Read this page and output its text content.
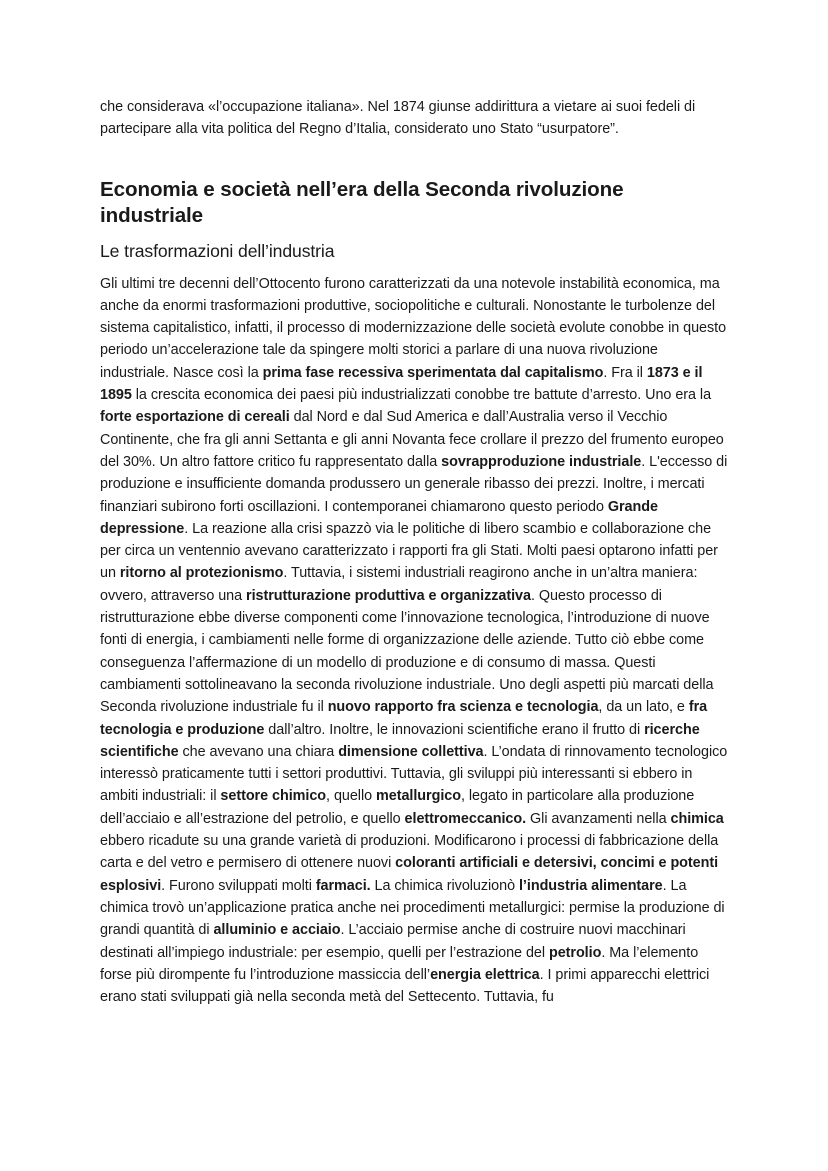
che considerava «l’occupazione italiana». Nel 1874 giunse addirittura a vietare ai suoi fedeli di partecipare alla vita politica del Regno d’Italia, considerato uno Stato “usurpatore”.

Economia e società nell’era della Seconda rivoluzione industriale
Le trasformazioni dell’industria

Gli ultimi tre decenni dell’Ottocento furono caratterizzati da una notevole instabilità economica, ma anche da enormi trasformazioni produttive, sociopolitiche e culturali. Nonostante le turbolenze del sistema capitalistico, infatti, il processo di modernizzazione delle società evolute conobbe in questo periodo un’accelerazione tale da spingere molti storici a parlare di una nuova rivoluzione industriale. Nasce così la prima fase recessiva sperimentata dal capitalismo. Fra il 1873 e il 1895 la crescita economica dei paesi più industrializzati conobbe tre battute d’arresto. Uno era la forte esportazione di cereali dal Nord e dal Sud America e dall’Australia verso il Vecchio Continente, che fra gli anni Settanta e gli anni Novanta fece crollare il prezzo del frumento europeo del 30%. Un altro fattore critico fu rappresentato dalla sovrapproduzione industriale. L'eccesso di produzione e insufficiente domanda produssero un generale ribasso dei prezzi. Inoltre, i mercati finanziari subirono forti oscillazioni. I contemporanei chiamarono questo periodo Grande depressione. La reazione alla crisi spazzò via le politiche di libero scambio e collaborazione che per circa un ventennio avevano caratterizzato i rapporti fra gli Stati. Molti paesi optarono infatti per un ritorno al protezionismo. Tuttavia, i sistemi industriali reagirono anche in un’altra maniera: ovvero, attraverso una ristrutturazione produttiva e organizzativa. Questo processo di ristrutturazione ebbe diverse componenti come l’innovazione tecnologica, l’introduzione di nuove fonti di energia, i cambiamenti nelle forme di organizzazione delle aziende. Tutto ciò ebbe come conseguenza l’affermazione di un modello di produzione e di consumo di massa. Questi cambiamenti sottolineavano la seconda rivoluzione industriale. Uno degli aspetti più marcati della Seconda rivoluzione industriale fu il nuovo rapporto fra scienza e tecnologia, da un lato, e fra tecnologia e produzione dall’altro. Inoltre, le innovazioni scientifiche erano il frutto di ricerche scientifiche che avevano una chiara dimensione collettiva. L’ondata di rinnovamento tecnologico interessò praticamente tutti i settori produttivi. Tuttavia, gli sviluppi più interessanti si ebbero in ambiti industriali: il settore chimico, quello metallurgico, legato in particolare alla produzione dell’acciaio e all’estrazione del petrolio, e quello elettromeccanico. Gli avanzamenti nella chimica ebbero ricadute su una grande varietà di produzioni. Modificarono i processi di fabbricazione della carta e del vetro e permisero di ottenere nuovi coloranti artificiali e detersivi, concimi e potenti esplosivi. Furono sviluppati molti farmaci. La chimica rivoluzionò l’industria alimentare. La chimica trovò un’applicazione pratica anche nei procedimenti metallurgici: permise la produzione di grandi quantità di alluminio e acciaio. L’acciaio permise anche di costruire nuovi macchinari destinati all’impiego industriale: per esempio, quelli per l’estrazione del petrolio. Ma l’elemento forse più dirompente fu l’introduzione massiccia dell’energia elettrica. I primi apparecchi elettrici erano stati sviluppati già nella seconda metà del Settecento. Tuttavia, fu
